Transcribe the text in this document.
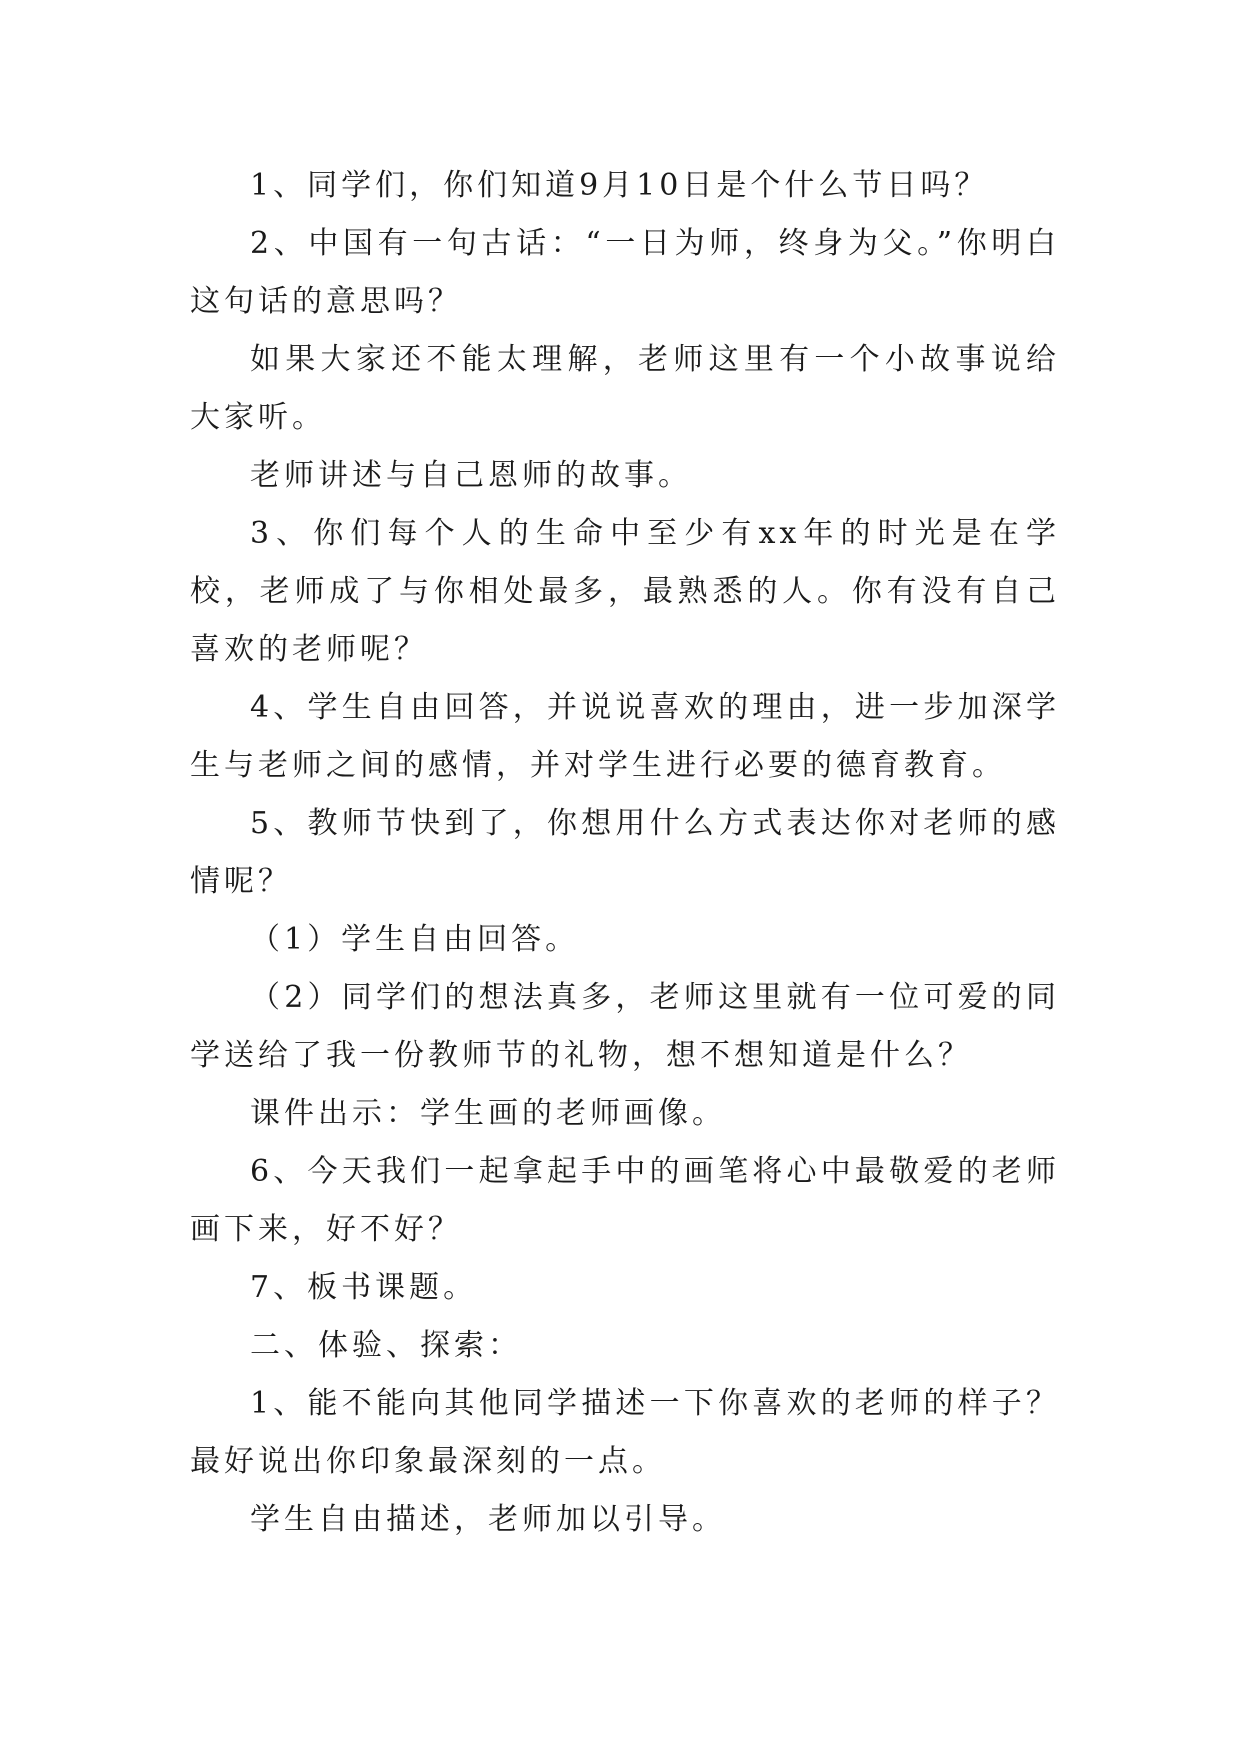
1、同学们，你们知道9月10日是个什么节日吗？

2、中国有一句古话：“一日为师，终身为父。”你明白这句话的意思吗？

如果大家还不能太理解，老师这里有一个小故事说给大家听。

老师讲述与自己恩师的故事。

3、你们每个人的生命中至少有xx年的时光是在学校，老师成了与你相处最多，最熟悉的人。你有没有自己喜欢的老师呢？

4、学生自由回答，并说说喜欢的理由，进一步加深学生与老师之间的感情，并对学生进行必要的德育教育。

5、教师节快到了，你想用什么方式表达你对老师的感情呢？

（1）学生自由回答。

（2）同学们的想法真多，老师这里就有一位可爱的同学送给了我一份教师节的礼物，想不想知道是什么？

课件出示：学生画的老师画像。

6、今天我们一起拿起手中的画笔将心中最敬爱的老师画下来，好不好？

7、板书课题。

二、体验、探索：

1、能不能向其他同学描述一下你喜欢的老师的样子？最好说出你印象最深刻的一点。

学生自由描述，老师加以引导。
